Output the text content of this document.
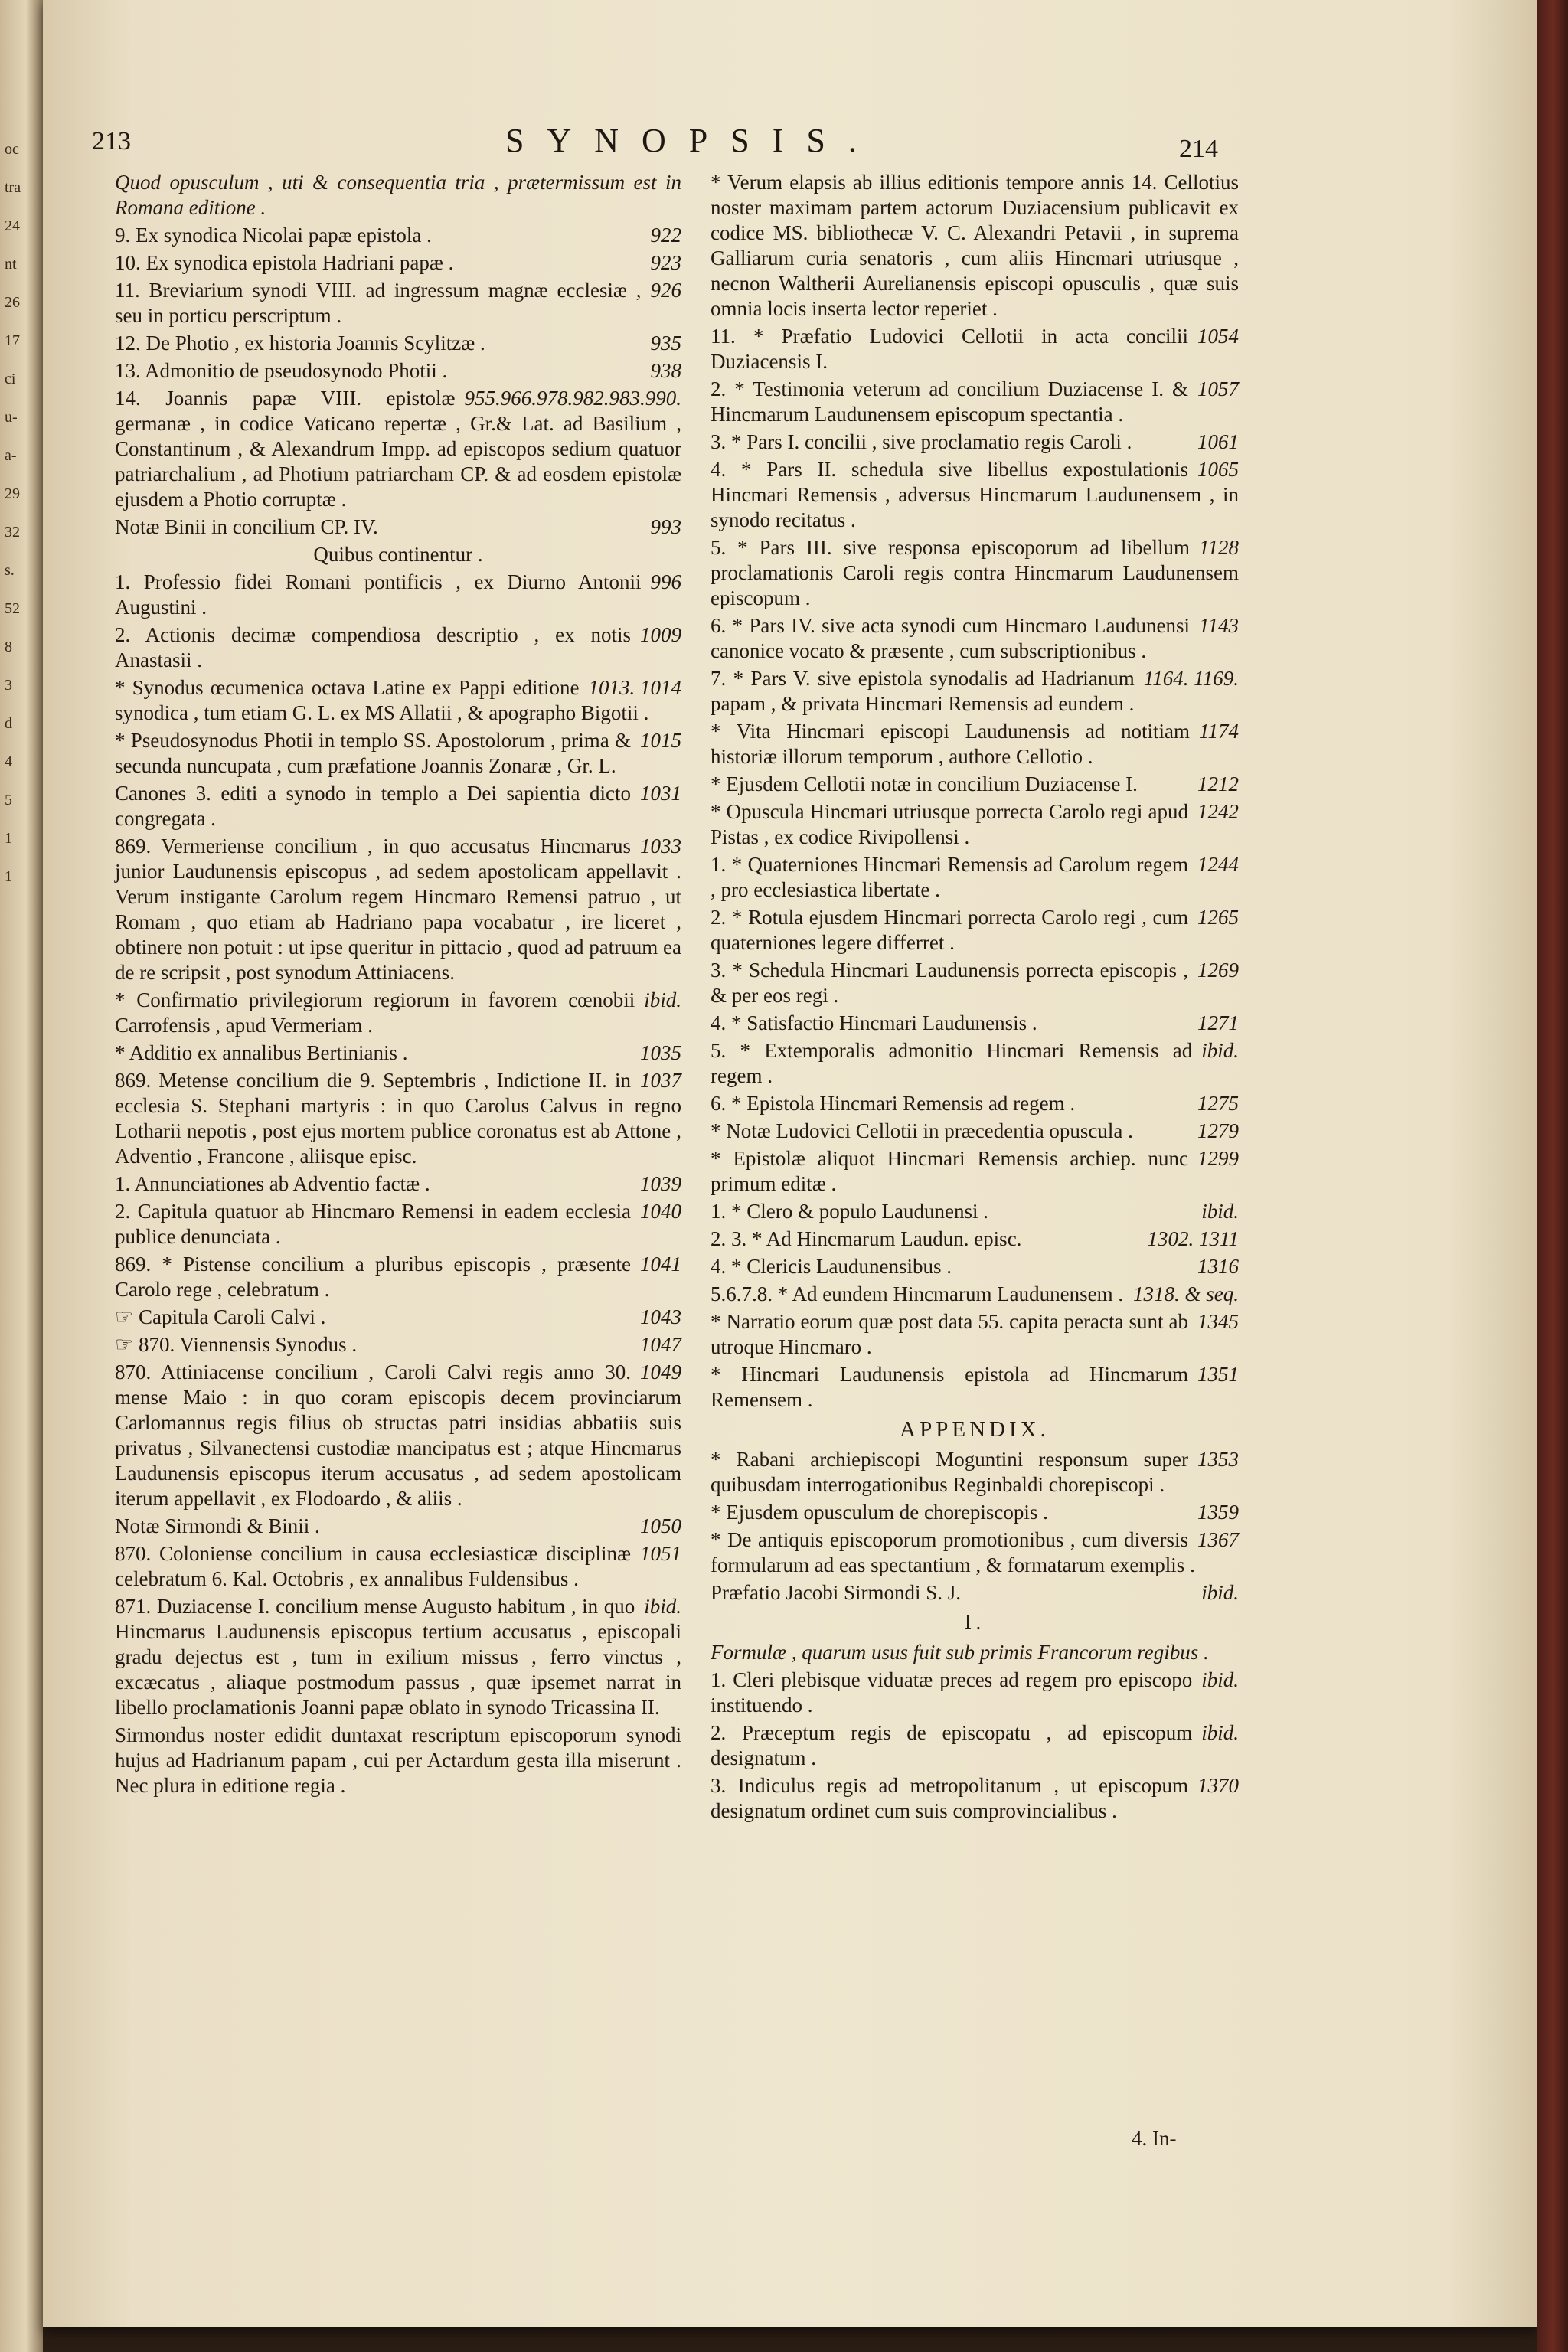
oc
tra
24
nt
26
17
ci
u-
a-
29
32
s.
52
8
3
d
4
5
1
1
213	SYNOPSIS.	214
Quod opusculum , uti & consequentia tria , prætermissum est in Romana editione .
922
9. Ex synodica Nicolai papæ epistola .
923
10. Ex synodica epistola Hadriani papæ .
926
11. Breviarium synodi VIII. ad ingressum magnæ ecclesiæ , seu in porticu perscriptum .
935
12. De Photio , ex historia Joannis Scylitzæ .
938
13. Admonitio de pseudosynodo Photii .
955.966.978.982.983.990.
14. Joannis papæ VIII. epistolæ germanæ , in codice Vaticano repertæ , Gr.& Lat. ad Basilium , Constantinum , & Alexandrum Impp. ad episcopos sedium quatuor patriarchalium , ad Photium patriarcham CP. & ad eosdem epistolæ ejusdem a Photio corruptæ .
993
Notæ Binii in concilium CP. IV.
Quibus continentur .
996
1. Professio fidei Romani pontificis , ex Diurno Antonii Augustini .
1009
2. Actionis decimæ compendiosa descriptio , ex notis Anastasii .
1013. 1014
* Synodus œcumenica octava Latine ex Pappi editione synodica , tum etiam G. L. ex MS Allatii , & apographo Bigotii .
1015
* Pseudosynodus Photii in templo SS. Apostolorum , prima & secunda nuncupata , cum præfatione Joannis Zonaræ , Gr. L.
1031
Canones 3. editi a synodo in templo a Dei sapientia dicto congregata .
1033
869. Vermeriense concilium , in quo accusatus Hincmarus junior Laudunensis episcopus , ad sedem apostolicam appellavit . Verum instigante Carolum regem Hincmaro Remensi patruo , ut Romam , quo etiam ab Hadriano papa vocabatur , ire liceret , obtinere non potuit : ut ipse queritur in pittacio , quod ad patruum ea de re scripsit , post synodum Attiniacens.
ibid.
* Confirmatio privilegiorum regiorum in favorem cœnobii Carrofensis , apud Vermeriam .
1035
* Additio ex annalibus Bertinianis .
1037
869. Metense concilium die 9. Septembris , Indictione II. in ecclesia S. Stephani martyris : in quo Carolus Calvus in regno Lotharii nepotis , post ejus mortem publice coronatus est ab Attone , Adventio , Francone , aliisque episc.
1039
1. Annunciationes ab Adventio factæ .
1040
2. Capitula quatuor ab Hincmaro Remensi in eadem ecclesia publice denunciata .
1041
869. * Pistense concilium a pluribus episcopis , præsente Carolo rege , celebratum .
1043
☞ Capitula Caroli Calvi .
1047
☞ 870. Viennensis Synodus .
1049
870. Attiniacense concilium , Caroli Calvi regis anno 30. mense Maio : in quo coram episcopis decem provinciarum Carlomannus regis filius ob structas patri insidias abbatiis suis privatus , Silvanectensi custodiæ mancipatus est ; atque Hincmarus Laudunensis episcopus iterum accusatus , ad sedem apostolicam iterum appellavit , ex Flodoardo , & aliis .
1050
Notæ Sirmondi & Binii .
1051
870. Coloniense concilium in causa ecclesiasticæ disciplinæ celebratum 6. Kal. Octobris , ex annalibus Fuldensibus .
ibid.
871. Duziacense I. concilium mense Augusto habitum , in quo Hincmarus Laudunensis episcopus tertium accusatus , episcopali gradu dejectus est , tum in exilium missus , ferro vinctus , excæcatus , aliaque postmodum passus , quæ ipsemet narrat in libello proclamationis Joanni papæ oblato in synodo Tricassina II.
Sirmondus noster edidit duntaxat rescriptum episcoporum synodi hujus ad Hadrianum papam , cui per Actardum gesta illa miserunt . Nec plura in editione regia .
* Verum elapsis ab illius editionis tempore annis 14. Cellotius noster maximam partem actorum Duziacensium publicavit ex codice MS. bibliothecæ V. C. Alexandri Petavii , in suprema Galliarum curia senatoris , cum aliis Hincmari utriusque , necnon Waltherii Aurelianensis episcopi opusculis , quæ suis omnia locis inserta lector reperiet .
1054
11. * Præfatio Ludovici Cellotii in acta concilii Duziacensis I.
1057
2. * Testimonia veterum ad concilium Duziacense I. & Hincmarum Laudunensem episcopum spectantia .
1061
3. * Pars I. concilii , sive proclamatio regis Caroli .
1065
4. * Pars II. schedula sive libellus expostulationis Hincmari Remensis , adversus Hincmarum Laudunensem , in synodo recitatus .
1128
5. * Pars III. sive responsa episcoporum ad libellum proclamationis Caroli regis contra Hincmarum Laudunensem episcopum .
1143
6. * Pars IV. sive acta synodi cum Hincmaro Laudunensi canonice vocato & præsente , cum subscriptionibus .
1164. 1169.
7. * Pars V. sive epistola synodalis ad Hadrianum papam , & privata Hincmari Remensis ad eundem .
1174
* Vita Hincmari episcopi Laudunensis ad notitiam historiæ illorum temporum , authore Cellotio .
1212
* Ejusdem Cellotii notæ in concilium Duziacense I.
1242
* Opuscula Hincmari utriusque porrecta Carolo regi apud Pistas , ex codice Rivipollensi .
1244
1. * Quaterniones Hincmari Remensis ad Carolum regem , pro ecclesiastica libertate .
1265
2. * Rotula ejusdem Hincmari porrecta Carolo regi , cum quaterniones legere differret .
1269
3. * Schedula Hincmari Laudunensis porrecta episcopis , & per eos regi .
1271
4. * Satisfactio Hincmari Laudunensis .
ibid.
5. * Extemporalis admonitio Hincmari Remensis ad regem .
1275
6. * Epistola Hincmari Remensis ad regem .
1279
* Notæ Ludovici Cellotii in præcedentia opuscula .
1299
* Epistolæ aliquot Hincmari Remensis archiep. nunc primum editæ .
ibid.
1. * Clero & populo Laudunensi .
1302. 1311
2. 3. * Ad Hincmarum Laudun. episc.
1316
4. * Clericis Laudunensibus .
1318. & seq.
5.6.7.8. * Ad eundem Hincmarum Laudunensem .
1345
* Narratio eorum quæ post data 55. capita peracta sunt ab utroque Hincmaro .
1351
* Hincmari Laudunensis epistola ad Hincmarum Remensem .
APPENDIX.
1353
* Rabani archiepiscopi Moguntini responsum super quibusdam interrogationibus Reginbaldi chorepiscopi .
1359
* Ejusdem opusculum de chorepiscopis .
1367
* De antiquis episcoporum promotionibus , cum diversis formularum ad eas spectantium , & formatarum exemplis .
ibid.
Præfatio Jacobi Sirmondi S. J.
I.
Formulæ , quarum usus fuit sub primis Francorum regibus .
ibid.
1. Cleri plebisque viduatæ preces ad regem pro episcopo instituendo .
ibid.
2. Præceptum regis de episcopatu , ad episcopum designatum .
1370
3. Indiculus regis ad metropolitanum , ut episcopum designatum ordinet cum suis comprovincialibus .
4. In-
